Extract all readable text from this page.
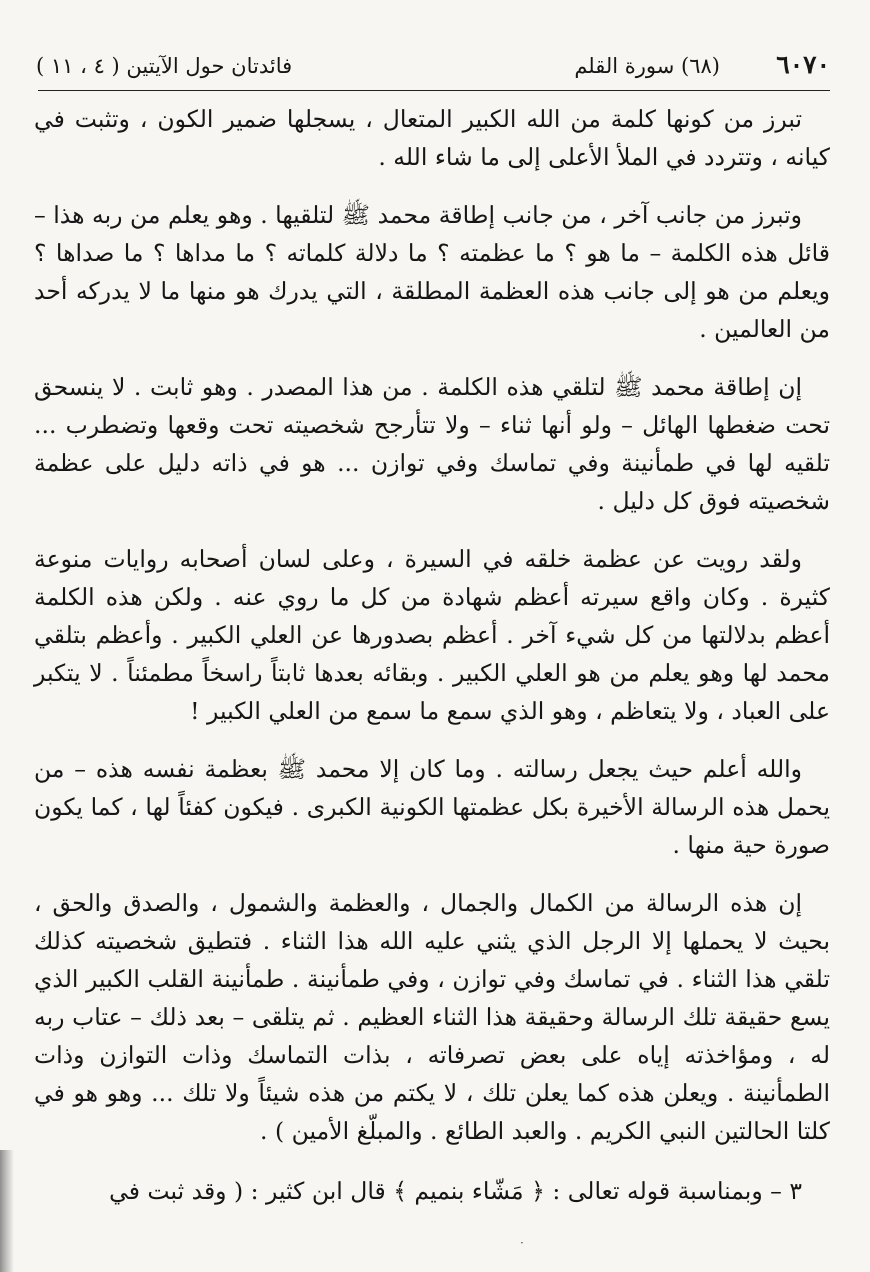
٦٠٧٠
(٦٨) سورة القلم
فائدتان حول الآيتين ( ٤ ، ١١ )

تبرز من كونها كلمة من الله الكبير المتعال ، يسجلها ضمير الكون ، وتثبت في كيانه ، وتتردد في الملأ الأعلى إلى ما شاء الله .

وتبرز من جانب آخر ، من جانب إطاقة محمد ﷺ لتلقيها . وهو يعلم من ربه هذا – قائل هذه الكلمة – ما هو ؟ ما عظمته ؟ ما دلالة كلماته ؟ ما مداها ؟ ما صداها ؟ ويعلم من هو إلى جانب هذه العظمة المطلقة ، التي يدرك هو منها ما لا يدركه أحد من العالمين .

إن إطاقة محمد ﷺ لتلقي هذه الكلمة . من هذا المصدر . وهو ثابت . لا ينسحق تحت ضغطها الهائل – ولو أنها ثناء – ولا تتأرجح شخصيته تحت وقعها وتضطرب ... تلقيه لها في طمأنينة وفي تماسك وفي توازن ... هو في ذاته دليل على عظمة شخصيته فوق كل دليل .

ولقد رويت عن عظمة خلقه في السيرة ، وعلى لسان أصحابه روايات منوعة كثيرة . وكان واقع سيرته أعظم شهادة من كل ما روي عنه . ولكن هذه الكلمة أعظم بدلالتها من كل شيء آخر . أعظم بصدورها عن العلي الكبير . وأعظم بتلقي محمد لها وهو يعلم من هو العلي الكبير . وبقائه بعدها ثابتاً راسخاً مطمئناً . لا يتكبر على العباد ، ولا يتعاظم ، وهو الذي سمع ما سمع من العلي الكبير !

والله أعلم حيث يجعل رسالته . وما كان إلا محمد ﷺ بعظمة نفسه هذه – من يحمل هذه الرسالة الأخيرة بكل عظمتها الكونية الكبرى . فيكون كفئاً لها ، كما يكون صورة حية منها .

إن هذه الرسالة من الكمال والجمال ، والعظمة والشمول ، والصدق والحق ، بحيث لا يحملها إلا الرجل الذي يثني عليه الله هذا الثناء . فتطيق شخصيته كذلك تلقي هذا الثناء . في تماسك وفي توازن ، وفي طمأنينة . طمأنينة القلب الكبير الذي يسع حقيقة تلك الرسالة وحقيقة هذا الثناء العظيم . ثم يتلقى – بعد ذلك – عتاب ربه له ، ومؤاخذته إياه على بعض تصرفاته ، بذات التماسك وذات التوازن وذات الطمأنينة . ويعلن هذه كما يعلن تلك ، لا يكتم من هذه شيئاً ولا تلك ... وهو هو في كلتا الحالتين النبي الكريم . والعبد الطائع . والمبلّغ الأمين ) .

٣ – وبمناسبة قوله تعالى : ﴿ مَشّاء بنميم ﴾ قال ابن كثير : ( وقد ثبت في

·
